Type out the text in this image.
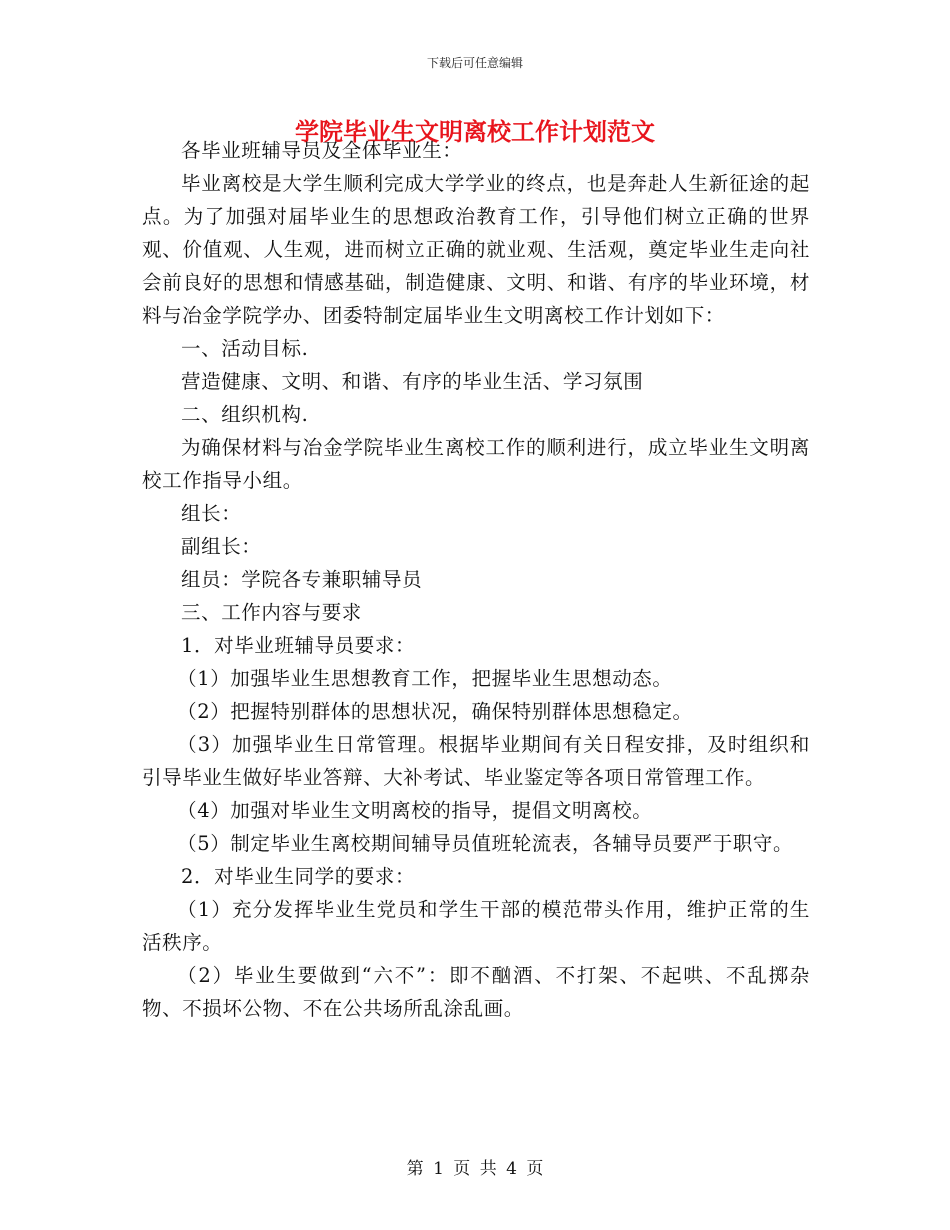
下载后可任意编辑
学院毕业生文明离校工作计划范文

各毕业班辅导员及全体毕业生：

毕业离校是大学生顺利完成大学学业的终点，也是奔赴人生新征途的起点。为了加强对届毕业生的思想政治教育工作，引导他们树立正确的世界观、价值观、人生观，进而树立正确的就业观、生活观，奠定毕业生走向社会前良好的思想和情感基础，制造健康、文明、和谐、有序的毕业环境，材料与冶金学院学办、团委特制定届毕业生文明离校工作计划如下：

一、活动目标.

营造健康、文明、和谐、有序的毕业生活、学习氛围

二、组织机构.

为确保材料与冶金学院毕业生离校工作的顺利进行，成立毕业生文明离校工作指导小组。

组长：

副组长：

组员：学院各专兼职辅导员

三、工作内容与要求

1．对毕业班辅导员要求：

（1）加强毕业生思想教育工作，把握毕业生思想动态。

（2）把握特别群体的思想状况，确保特别群体思想稳定。

（3）加强毕业生日常管理。根据毕业期间有关日程安排，及时组织和引导毕业生做好毕业答辩、大补考试、毕业鉴定等各项日常管理工作。

（4）加强对毕业生文明离校的指导，提倡文明离校。

（5）制定毕业生离校期间辅导员值班轮流表，各辅导员要严于职守。

2．对毕业生同学的要求：

（1）充分发挥毕业生党员和学生干部的模范带头作用，维护正常的生活秩序。

（2）毕业生要做到“六不”：即不酗酒、不打架、不起哄、不乱掷杂物、不损坏公物、不在公共场所乱涂乱画。

第 1 页 共 4 页
